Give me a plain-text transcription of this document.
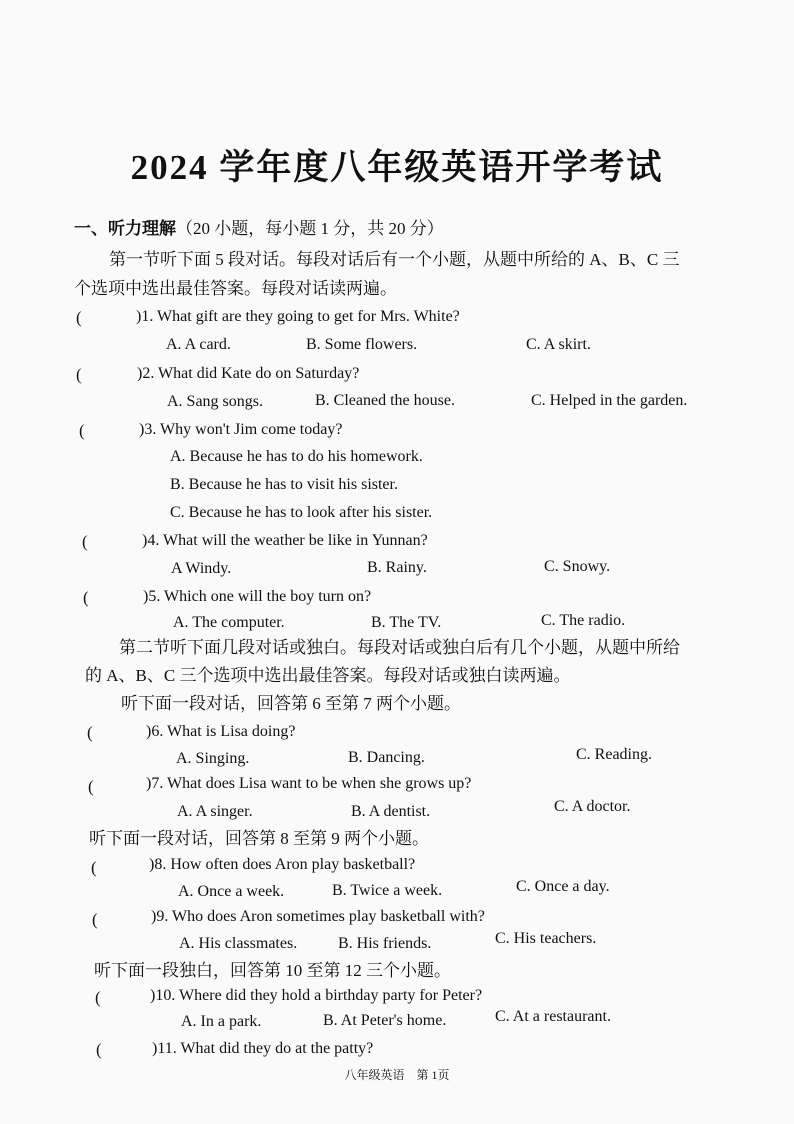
2024 学年度八年级英语开学考试
一、听力理解（20 小题，每小题 1 分，共 20 分）
第一节听下面 5 段对话。每段对话后有一个小题，从题中所给的 A、B、C 三
个选项中选出最佳答案。每段对话读两遍。
(	)1. What gift are they going to get for Mrs. White?
A. A card.	B. Some flowers.	C. A skirt.
(	)2. What did Kate do on Saturday?
A. Sang songs.	B. Cleaned the house.	C. Helped in the garden.
(	)3. Why won't Jim come today?
A. Because he has to do his homework.
B. Because he has to visit his sister.
C. Because he has to look after his sister.
(	)4. What will the weather be like in Yunnan?
A Windy.	B. Rainy.	C. Snowy.
(	)5. Which one will the boy turn on?
A. The computer.	B. The TV.	C. The radio.
第二节听下面几段对话或独白。每段对话或独白后有几个小题，从题中所给
的 A、B、C 三个选项中选出最佳答案。每段对话或独白读两遍。
听下面一段对话，回答第 6 至第 7 两个小题。
(	)6. What is Lisa doing?
A. Singing.	B. Dancing.	C. Reading.
(	)7. What does Lisa want to be when she grows up?
A. A singer.	B. A dentist.	C. A doctor.
听下面一段对话，回答第 8 至第 9 两个小题。
(	)8. How often does Aron play basketball?
A. Once a week.	B. Twice a week.	C. Once a day.
(	)9. Who does Aron sometimes play basketball with?
A. His classmates.	B. His friends.	C. His teachers.
听下面一段独白，回答第 10 至第 12 三个小题。
(	)10. Where did they hold a birthday party for Peter?
A. In a park.	B. At Peter's home.	C. At a restaurant.
(	)11. What did they do at the patty?
八年级英语　第 1页
